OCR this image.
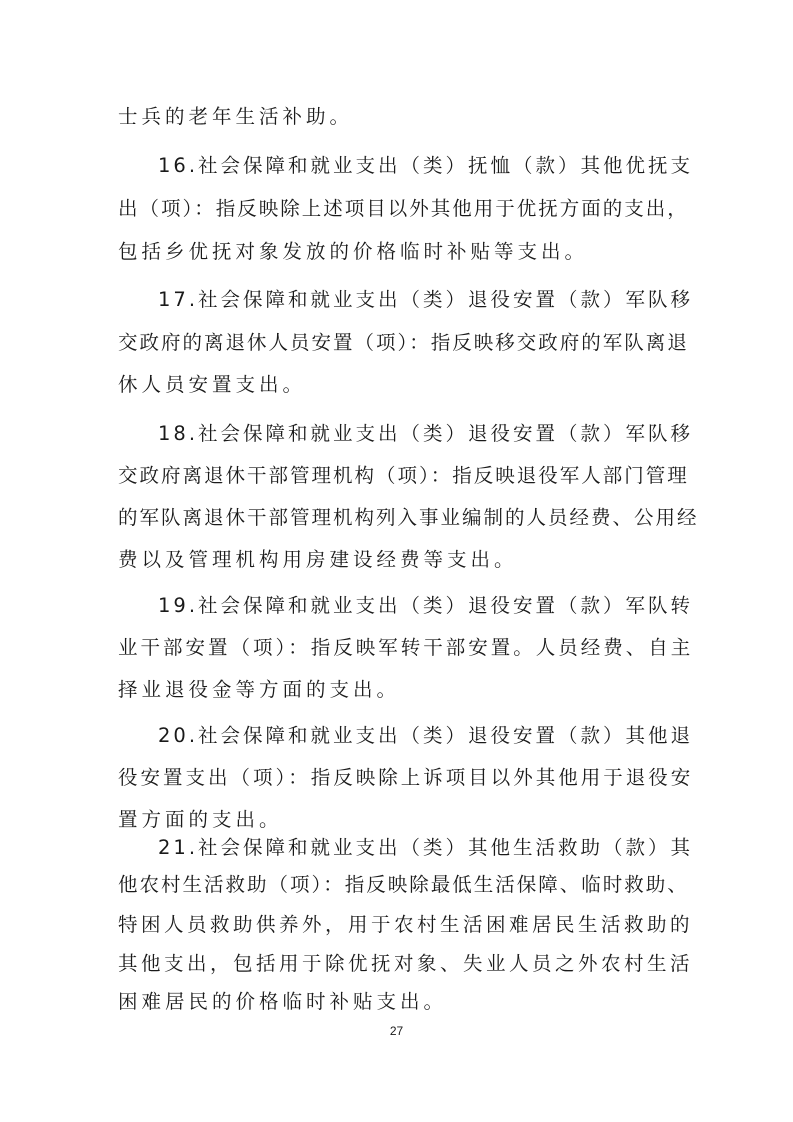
士兵的老年生活补助。
16.社会保障和就业支出（类）抚恤（款）其他优抚支
出（项）：指反映除上述项目以外其他用于优抚方面的支出，
包括乡优抚对象发放的价格临时补贴等支出。
17.社会保障和就业支出（类）退役安置（款）军队移
交政府的离退休人员安置（项）：指反映移交政府的军队离退
休人员安置支出。
18.社会保障和就业支出（类）退役安置（款）军队移
交政府离退休干部管理机构（项）：指反映退役军人部门管理
的军队离退休干部管理机构列入事业编制的人员经费、公用经
费以及管理机构用房建设经费等支出。
19.社会保障和就业支出（类）退役安置（款）军队转
业干部安置（项）：指反映军转干部安置。人员经费、自主
择业退役金等方面的支出。
20.社会保障和就业支出（类）退役安置（款）其他退
役安置支出（项）：指反映除上诉项目以外其他用于退役安
置方面的支出。
21.社会保障和就业支出（类）其他生活救助（款）其
他农村生活救助（项）：指反映除最低生活保障、临时救助、
特困人员救助供养外，用于农村生活困难居民生活救助的
其他支出，包括用于除优抚对象、失业人员之外农村生活
困难居民的价格临时补贴支出。
27
